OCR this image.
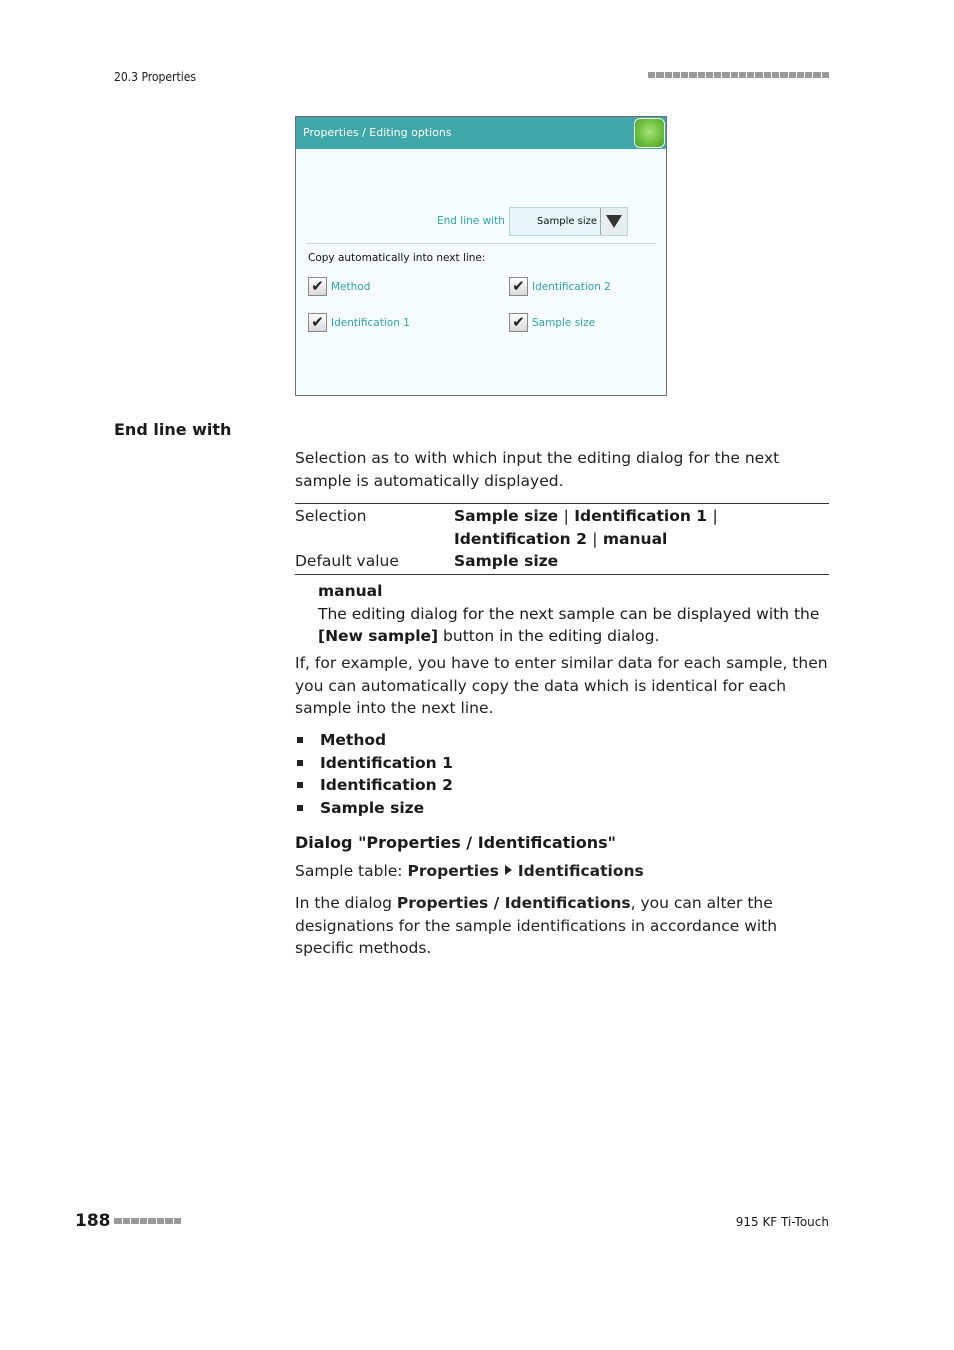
20.3 Properties
Properties / Editing options
End line with	Sample size
Copy automatically into next line:
✔ Method	✔ Identification 2
✔ Identification 1	✔ Sample size
End line with
Selection as to with which input the editing dialog for the next sample is automatically displayed.
Selection	Sample size | Identification 1 | Identification 2 | manual
Default value	Sample size
manual
The editing dialog for the next sample can be displayed with the [New sample] button in the editing dialog.
If, for example, you have to enter similar data for each sample, then you can automatically copy the data which is identical for each sample into the next line.
Method
Identification 1
Identification 2
Sample size
Dialog "Properties / Identifications"
Sample table: Properties Identifications
In the dialog Properties / Identifications, you can alter the designations for the sample identifications in accordance with specific methods.
188	915 KF Ti-Touch
